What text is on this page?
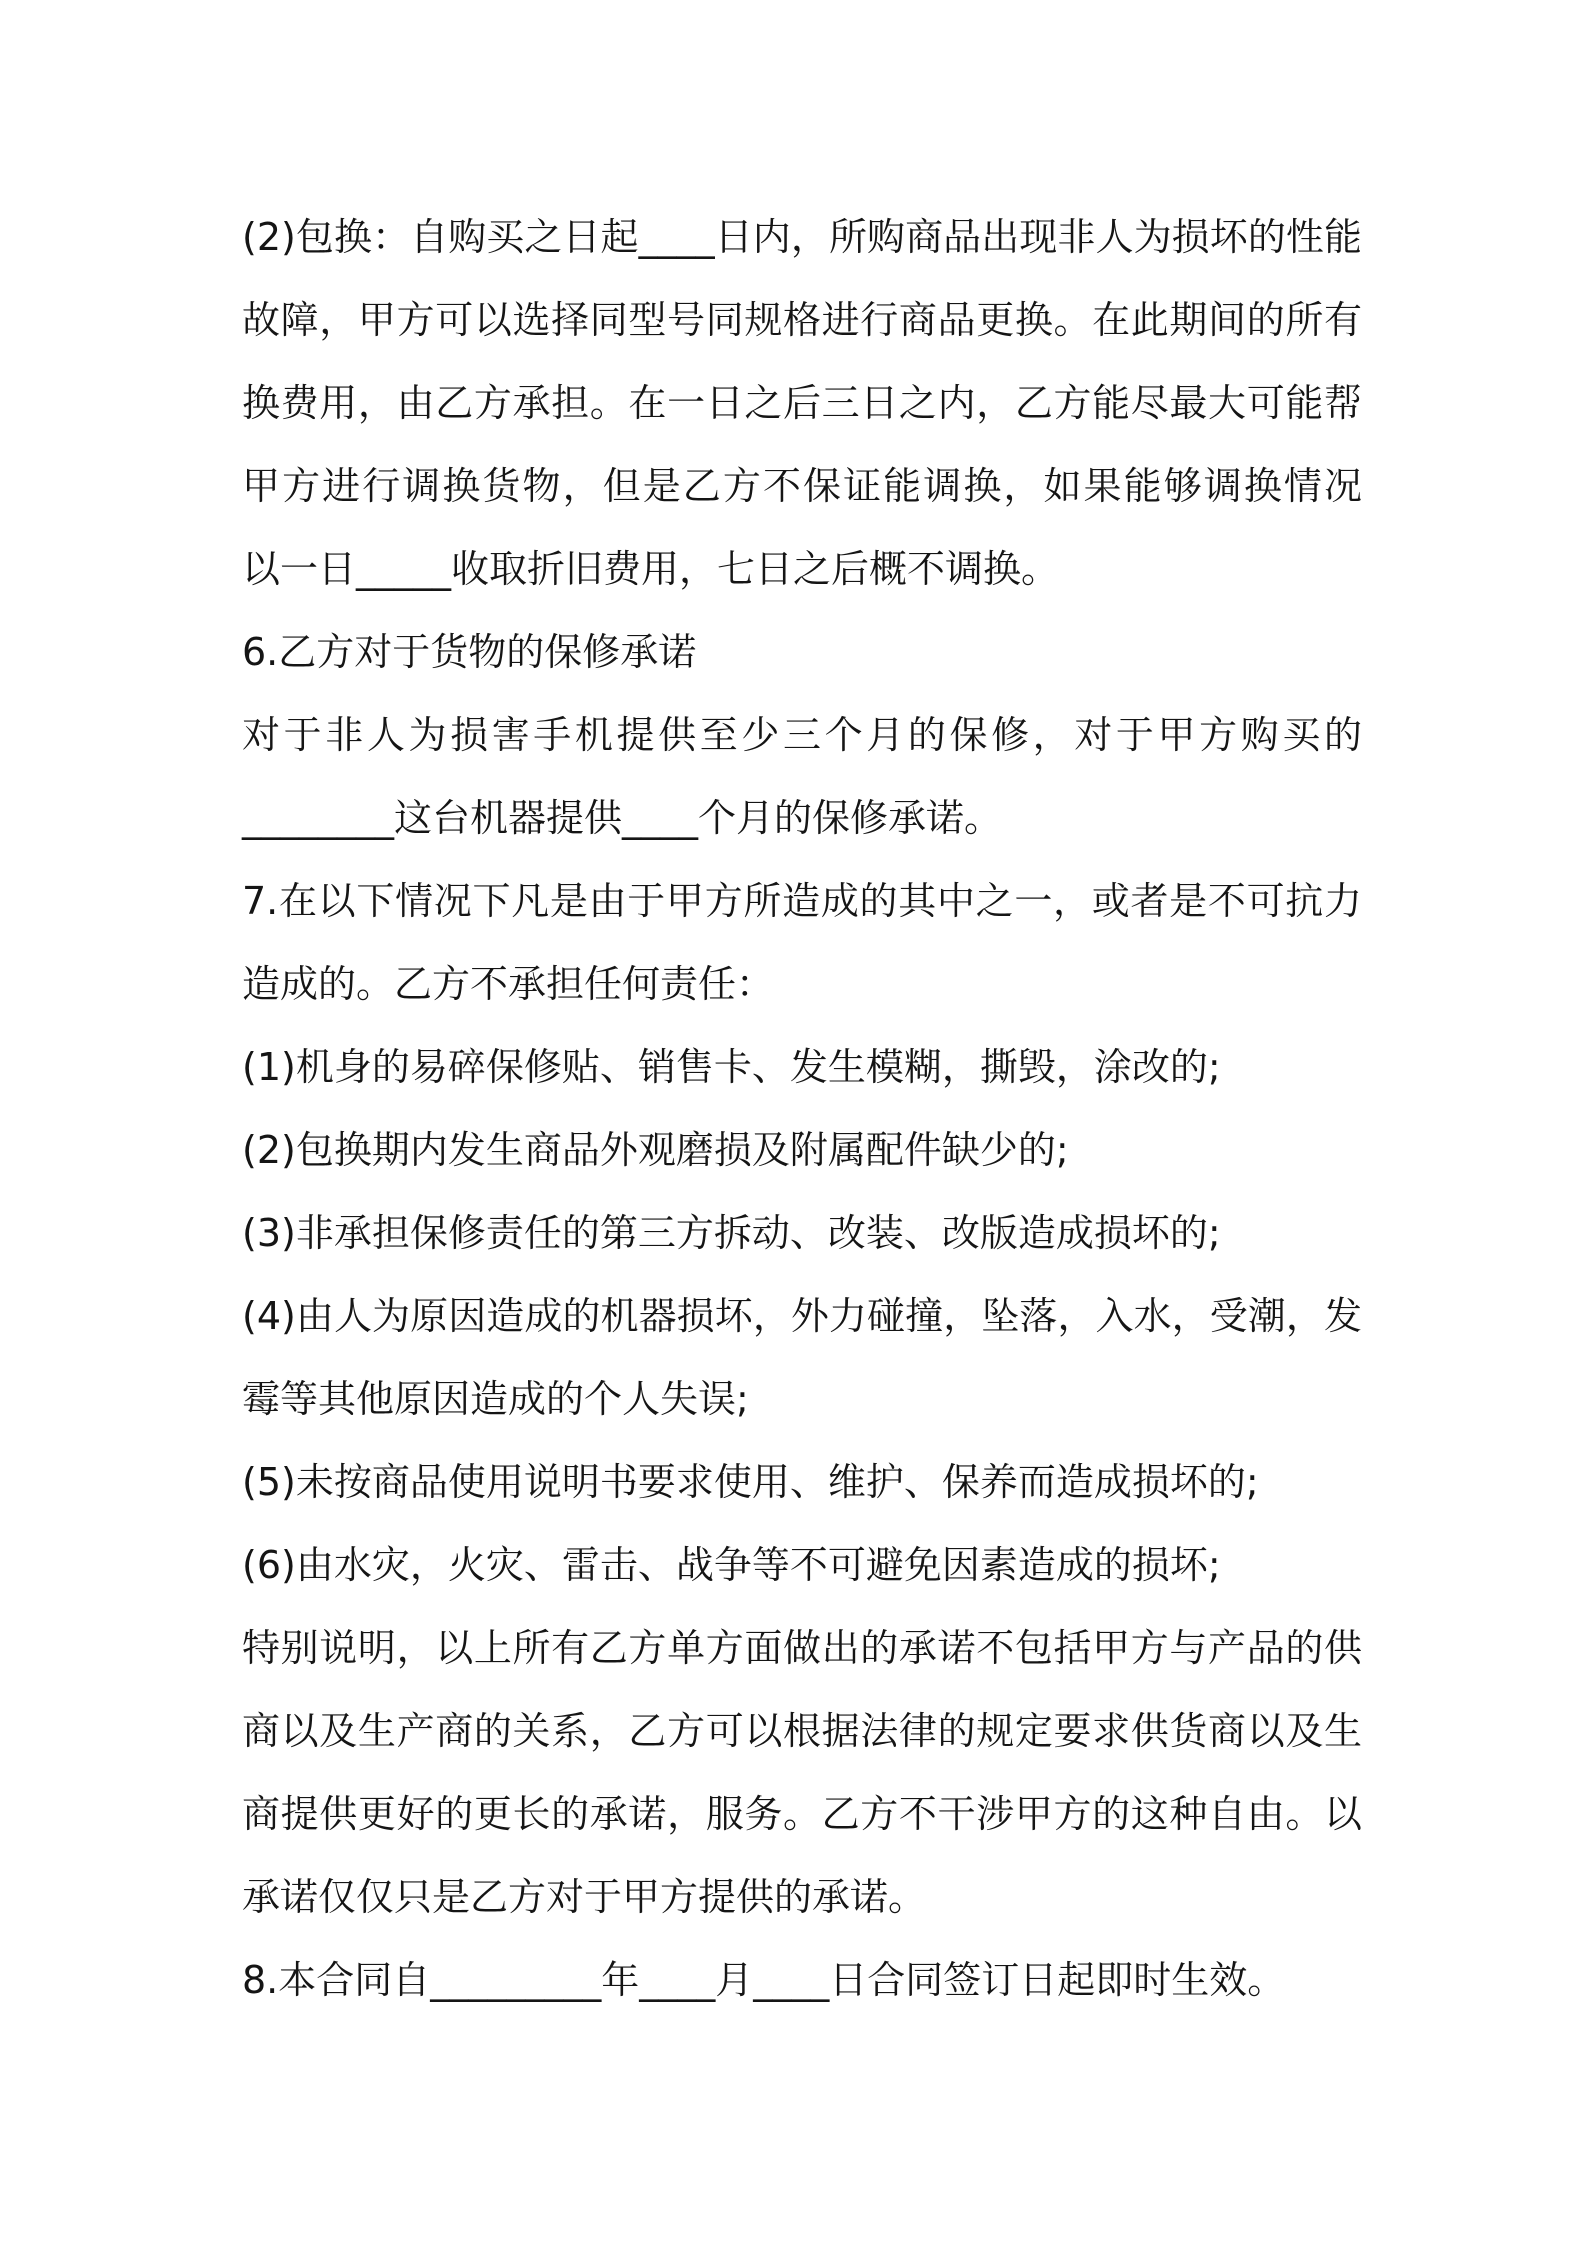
(2)包换：自购买之日起____日内，所购商品出现非人为损坏的性能
故障，甲方可以选择同型号同规格进行商品更换。在此期间的所有
换费用，由乙方承担。在一日之后三日之内，乙方能尽最大可能帮
甲方进行调换货物，但是乙方不保证能调换，如果能够调换情况
以一日_____收取折旧费用，七日之后概不调换。
6.乙方对于货物的保修承诺
对于非人为损害手机提供至少三个月的保修，对于甲方购买的
________这台机器提供____个月的保修承诺。
7.在以下情况下凡是由于甲方所造成的其中之一，或者是不可抗力
造成的。乙方不承担任何责任：
(1)机身的易碎保修贴、销售卡、发生模糊，撕毁，涂改的;
(2)包换期内发生商品外观磨损及附属配件缺少的;
(3)非承担保修责任的第三方拆动、改装、改版造成损坏的;
(4)由人为原因造成的机器损坏，外力碰撞，坠落，入水，受潮，发
霉等其他原因造成的个人失误;
(5)未按商品使用说明书要求使用、维护、保养而造成损坏的;
(6)由水灾，火灾、雷击、战争等不可避免因素造成的损坏;
特别说明，以上所有乙方单方面做出的承诺不包括甲方与产品的供
商以及生产商的关系，乙方可以根据法律的规定要求供货商以及生
商提供更好的更长的承诺，服务。乙方不干涉甲方的这种自由。以
承诺仅仅只是乙方对于甲方提供的承诺。
8.本合同自_________年____月____日合同签订日起即时生效。
